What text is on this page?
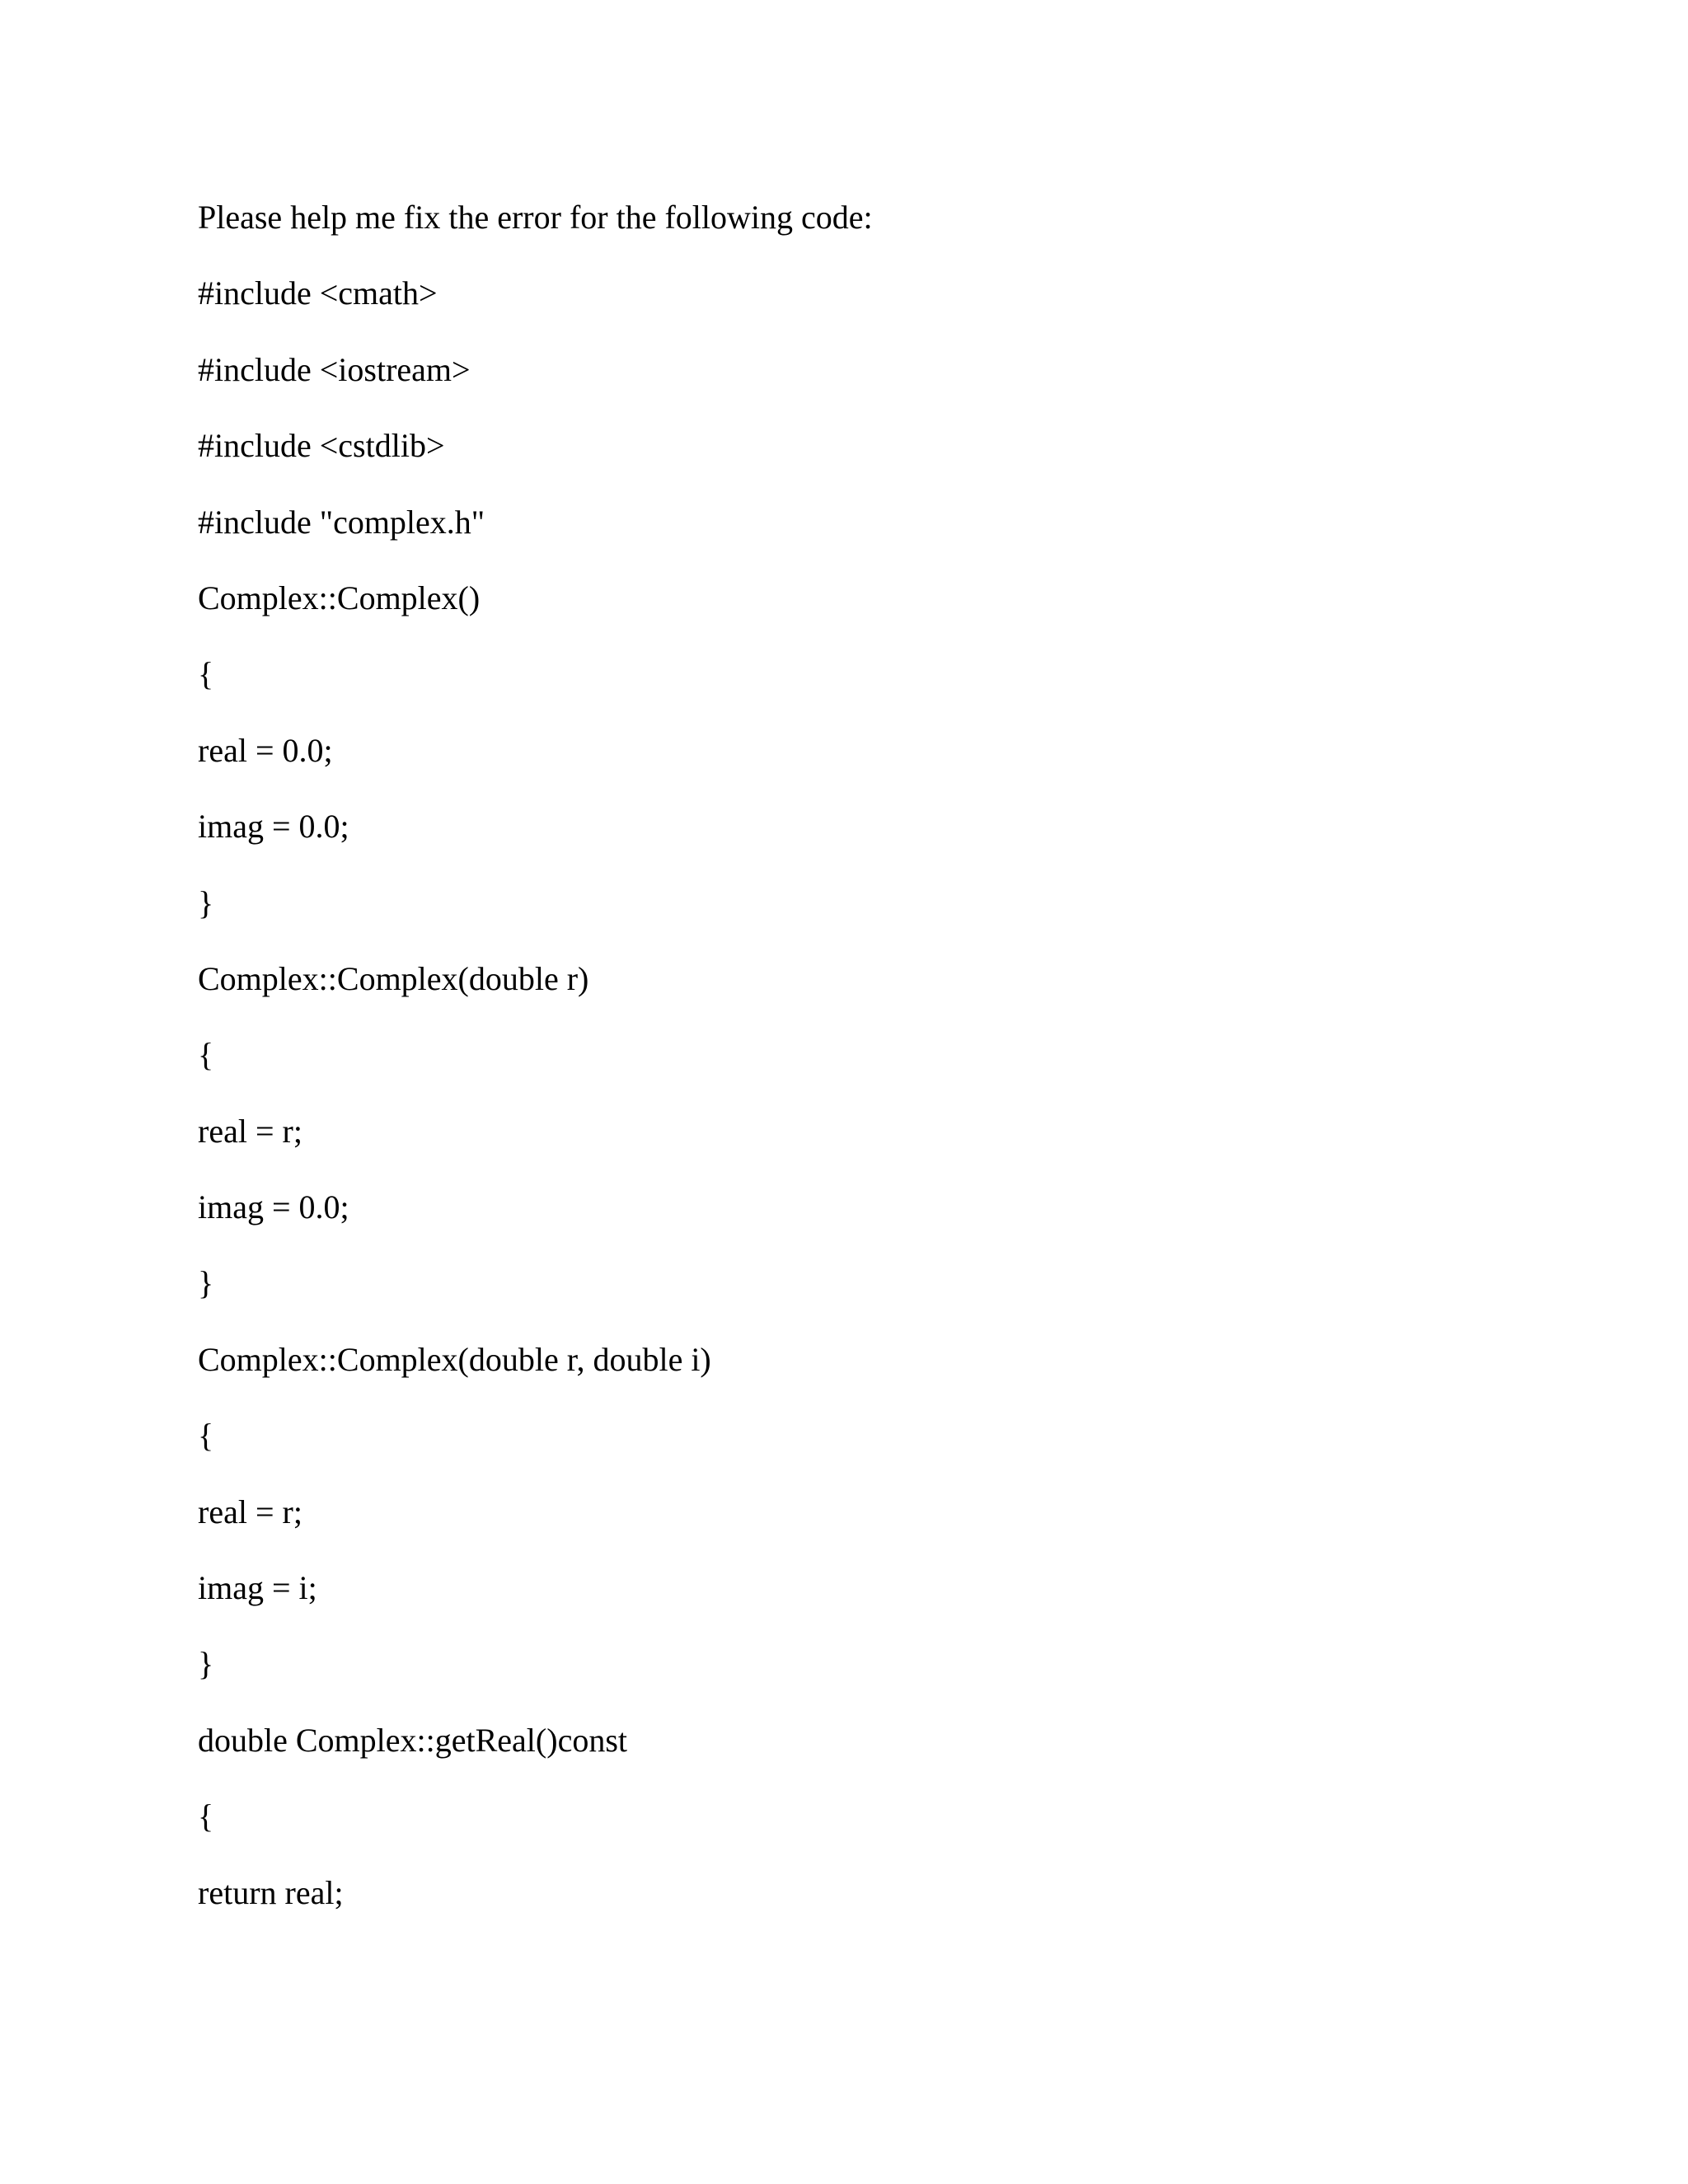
Please help me fix the error for the following code:

#include <cmath>

#include <iostream>

#include <cstdlib>

#include "complex.h"

Complex::Complex()

{

real = 0.0;

imag = 0.0;

}

Complex::Complex(double r)

{

real = r;

imag = 0.0;

}

Complex::Complex(double r, double i)

{

real = r;

imag = i;

}

double Complex::getReal()const

{

return real;
